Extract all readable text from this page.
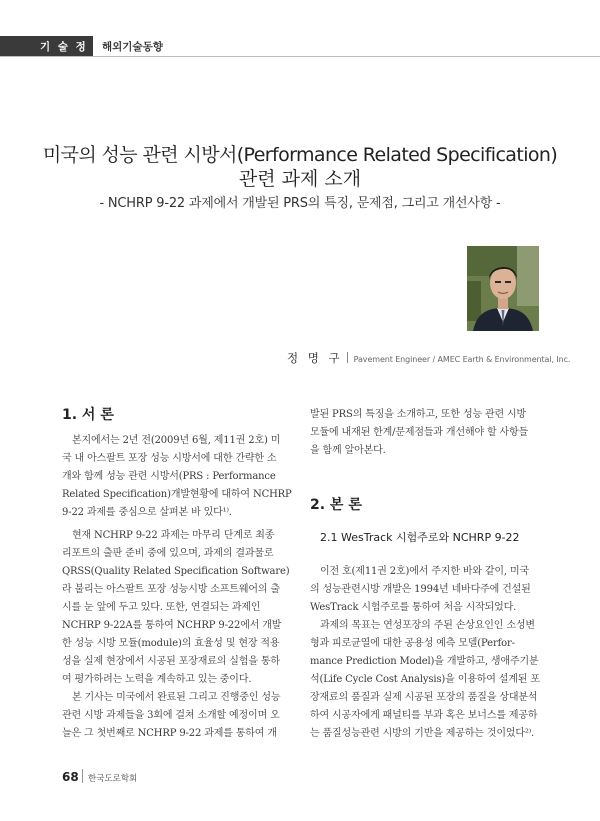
기 술 정 보
해외기술동향
미국의 성능 관련 시방서(Performance Related Specification)
관련 과제 소개
- NCHRP 9-22 과제에서 개발된 PRS의 특징, 문제점, 그리고 개선사항 -
정 명 구 Pavement Engineer / AMEC Earth & Environmental, Inc.
1. 서 론
본지에서는 2년 전(2009년 6월, 제11권 2호) 미
국 내 아스팔트 포장 성능 시방서에 대한 간략한 소
개와 함께 성능 관련 시방서(PRS : Performance
Related Specification)개발현황에 대하여 NCHRP
9-22 과제를 중심으로 살펴본 바 있다¹⁾.
현재 NCHRP 9-22 과제는 마무리 단계로 최종
리포트의 출판 준비 중에 있으며, 과제의 결과물로
QRSS(Quality Related Specification Software)
라 불리는 아스팔트 포장 성능시방 소프트웨어의 출
시를 눈 앞에 두고 있다. 또한, 연결되는 과제인
NCHRP 9-22A를 통하여 NCHRP 9-22에서 개발
한 성능 시방 모듈(module)의 효율성 및 현장 적용
성을 실제 현장에서 시공된 포장재료의 실험을 통하
여 평가하려는 노력을 계속하고 있는 중이다.
본 기사는 미국에서 완료된 그리고 진행중인 성능
관련 시방 과제들을 3회에 걸쳐 소개할 예정이며 오
늘은 그 첫번째로 NCHRP 9-22 과제를 통하여 개
발된 PRS의 특징을 소개하고, 또한 성능 관련 시방
모듈에 내재된 한계/문제점들과 개선해야 할 사항들
을 함께 알아본다.
2. 본 론
2.1 WesTrack 시험주로와 NCHRP 9-22
이전 호(제11권 2호)에서 주지한 바와 같이, 미국
의 성능관련시방 개발은 1994년 네바다주에 건설된
WesTrack 시험주로를 통하여 처음 시작되었다.
과제의 목표는 연성포장의 주된 손상요인인 소성변
형과 피로균열에 대한 공용성 예측 모델(Perfor-
mance Prediction Model)을 개발하고, 생애주기분
석(Life Cycle Cost Analysis)을 이용하여 설계된 포
장재료의 품질과 실제 시공된 포장의 품질을 상대분석
하여 시공자에게 패널티를 부과 혹은 보너스를 제공하
는 품질성능관련 시방의 기반을 제공하는 것이었다²⁾.
68 한국도로학회
